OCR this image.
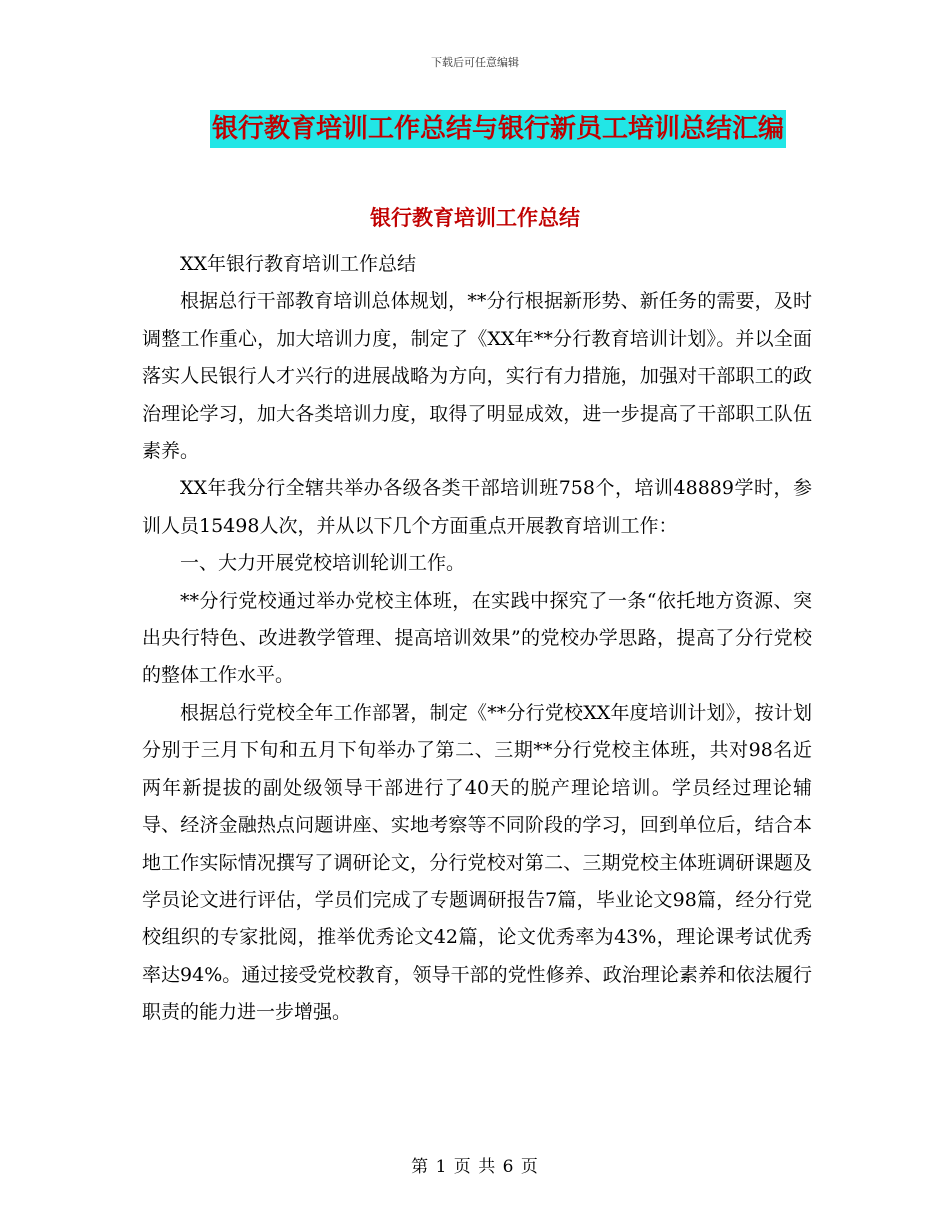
下载后可任意编辑
银行教育培训工作总结与银行新员工培训总结汇编
银行教育培训工作总结

XX年银行教育培训工作总结

根据总行干部教育培训总体规划，**分行根据新形势、新任务的需要，及时调整工作重心，加大培训力度，制定了《XX年**分行教育培训计划》。并以全面落实人民银行人才兴行的进展战略为方向，实行有力措施，加强对干部职工的政治理论学习，加大各类培训力度，取得了明显成效，进一步提高了干部职工队伍素养。

XX年我分行全辖共举办各级各类干部培训班758个，培训48889学时，参训人员15498人次，并从以下几个方面重点开展教育培训工作：

一、大力开展党校培训轮训工作。

**分行党校通过举办党校主体班，在实践中探究了一条“依托地方资源、突出央行特色、改进教学管理、提高培训效果”的党校办学思路，提高了分行党校的整体工作水平。

根据总行党校全年工作部署，制定《**分行党校XX年度培训计划》，按计划分别于三月下旬和五月下旬举办了第二、三期**分行党校主体班，共对98名近两年新提拔的副处级领导干部进行了40天的脱产理论培训。学员经过理论辅导、经济金融热点问题讲座、实地考察等不同阶段的学习，回到单位后，结合本地工作实际情况撰写了调研论文，分行党校对第二、三期党校主体班调研课题及学员论文进行评估，学员们完成了专题调研报告7篇，毕业论文98篇，经分行党校组织的专家批阅，推举优秀论文42篇，论文优秀率为43%，理论课考试优秀率达94%。通过接受党校教育，领导干部的党性修养、政治理论素养和依法履行职责的能力进一步增强。

第 1 页 共 6 页
